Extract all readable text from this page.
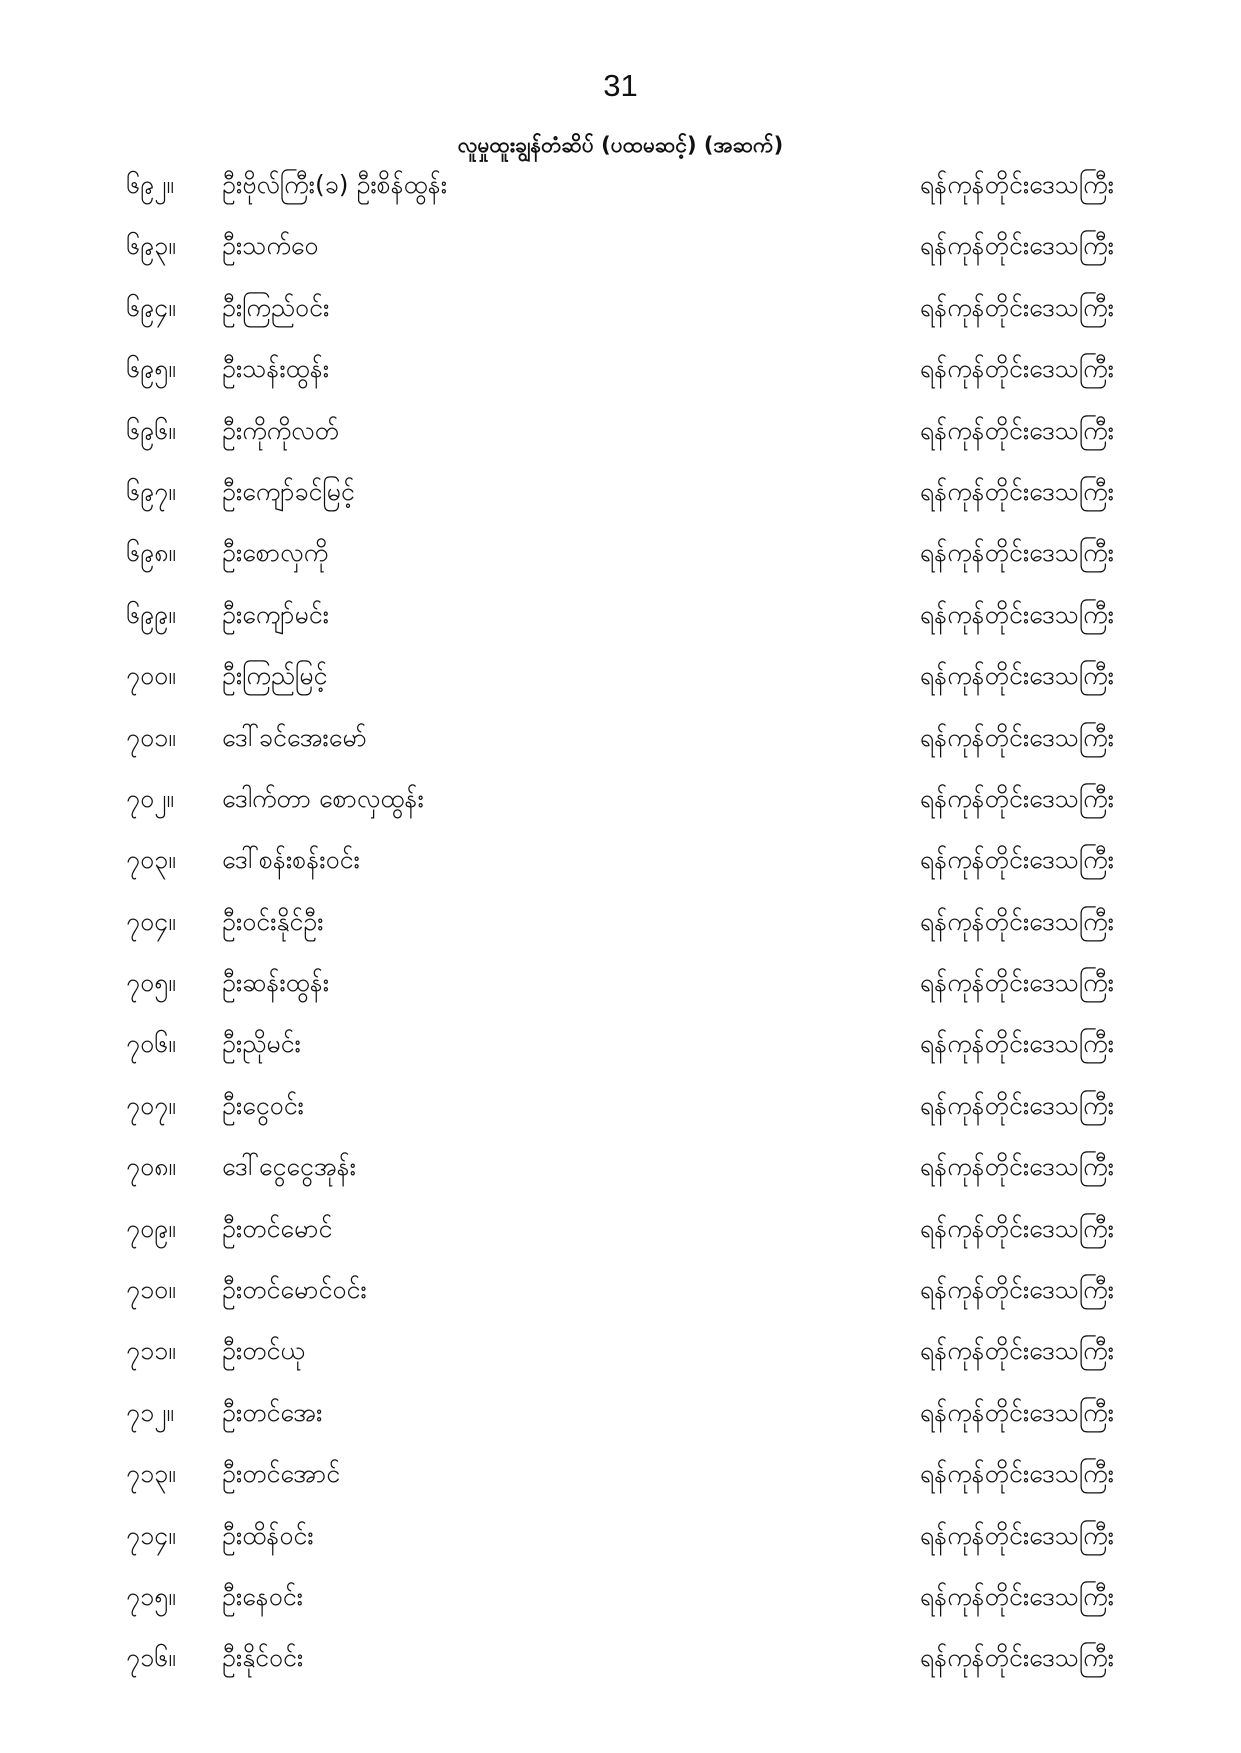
31
လူမှုထူးချွန်တံဆိပ် (ပထမဆင့်) (အဆက်)
၆၉၂။ ဦးဗိုလ်ကြီး(ခ) ဦးစိန်ထွန်း	ရန်ကုန်တိုင်းဒေသကြီး
၆၉၃။ ဦးသက်ဝေ	ရန်ကုန်တိုင်းဒေသကြီး
၆၉၄။ ဦးကြည်ဝင်း	ရန်ကုန်တိုင်းဒေသကြီး
၆၉၅။ ဦးသန်းထွန်း	ရန်ကုန်တိုင်းဒေသကြီး
၆၉၆။ ဦးကိုကိုလတ်	ရန်ကုန်တိုင်းဒေသကြီး
၆၉၇။ ဦးကျော်ခင်မြင့်	ရန်ကုန်တိုင်းဒေသကြီး
၆၉၈။ ဦးစောလှကို	ရန်ကုန်တိုင်းဒေသကြီး
၆၉၉။ ဦးကျော်မင်း	ရန်ကုန်တိုင်းဒေသကြီး
၇၀၀။ ဦးကြည်မြင့်	ရန်ကုန်တိုင်းဒေသကြီး
၇၀၁။ ဒေါ်ခင်အေးမော်	ရန်ကုန်တိုင်းဒေသကြီး
၇၀၂။ ဒေါက်တာ စောလှထွန်း	ရန်ကုန်တိုင်းဒေသကြီး
၇၀၃။ ဒေါ်စန်းစန်းဝင်း	ရန်ကုန်တိုင်းဒေသကြီး
၇၀၄။ ဦးဝင်းနိုင်ဦး	ရန်ကုန်တိုင်းဒေသကြီး
၇၀၅။ ဦးဆန်းထွန်း	ရန်ကုန်တိုင်းဒေသကြီး
၇၀၆။ ဦးညိုမင်း	ရန်ကုန်တိုင်းဒေသကြီး
၇၀၇။ ဦးငွေဝင်း	ရန်ကုန်တိုင်းဒေသကြီး
၇၀၈။ ဒေါ်ငွေငွေအုန်း	ရန်ကုန်တိုင်းဒေသကြီး
၇၀၉။ ဦးတင်မောင်	ရန်ကုန်တိုင်းဒေသကြီး
၇၁၀။ ဦးတင်မောင်ဝင်း	ရန်ကုန်တိုင်းဒေသကြီး
၇၁၁။ ဦးတင်ယု	ရန်ကုန်တိုင်းဒေသကြီး
၇၁၂။ ဦးတင်အေး	ရန်ကုန်တိုင်းဒေသကြီး
၇၁၃။ ဦးတင်အောင်	ရန်ကုန်တိုင်းဒေသကြီး
၇၁၄။ ဦးထိန်ဝင်း	ရန်ကုန်တိုင်းဒေသကြီး
၇၁၅။ ဦးနေဝင်း	ရန်ကုန်တိုင်းဒေသကြီး
၇၁၆။ ဦးနိုင်ဝင်း	ရန်ကုန်တိုင်းဒေသကြီး
